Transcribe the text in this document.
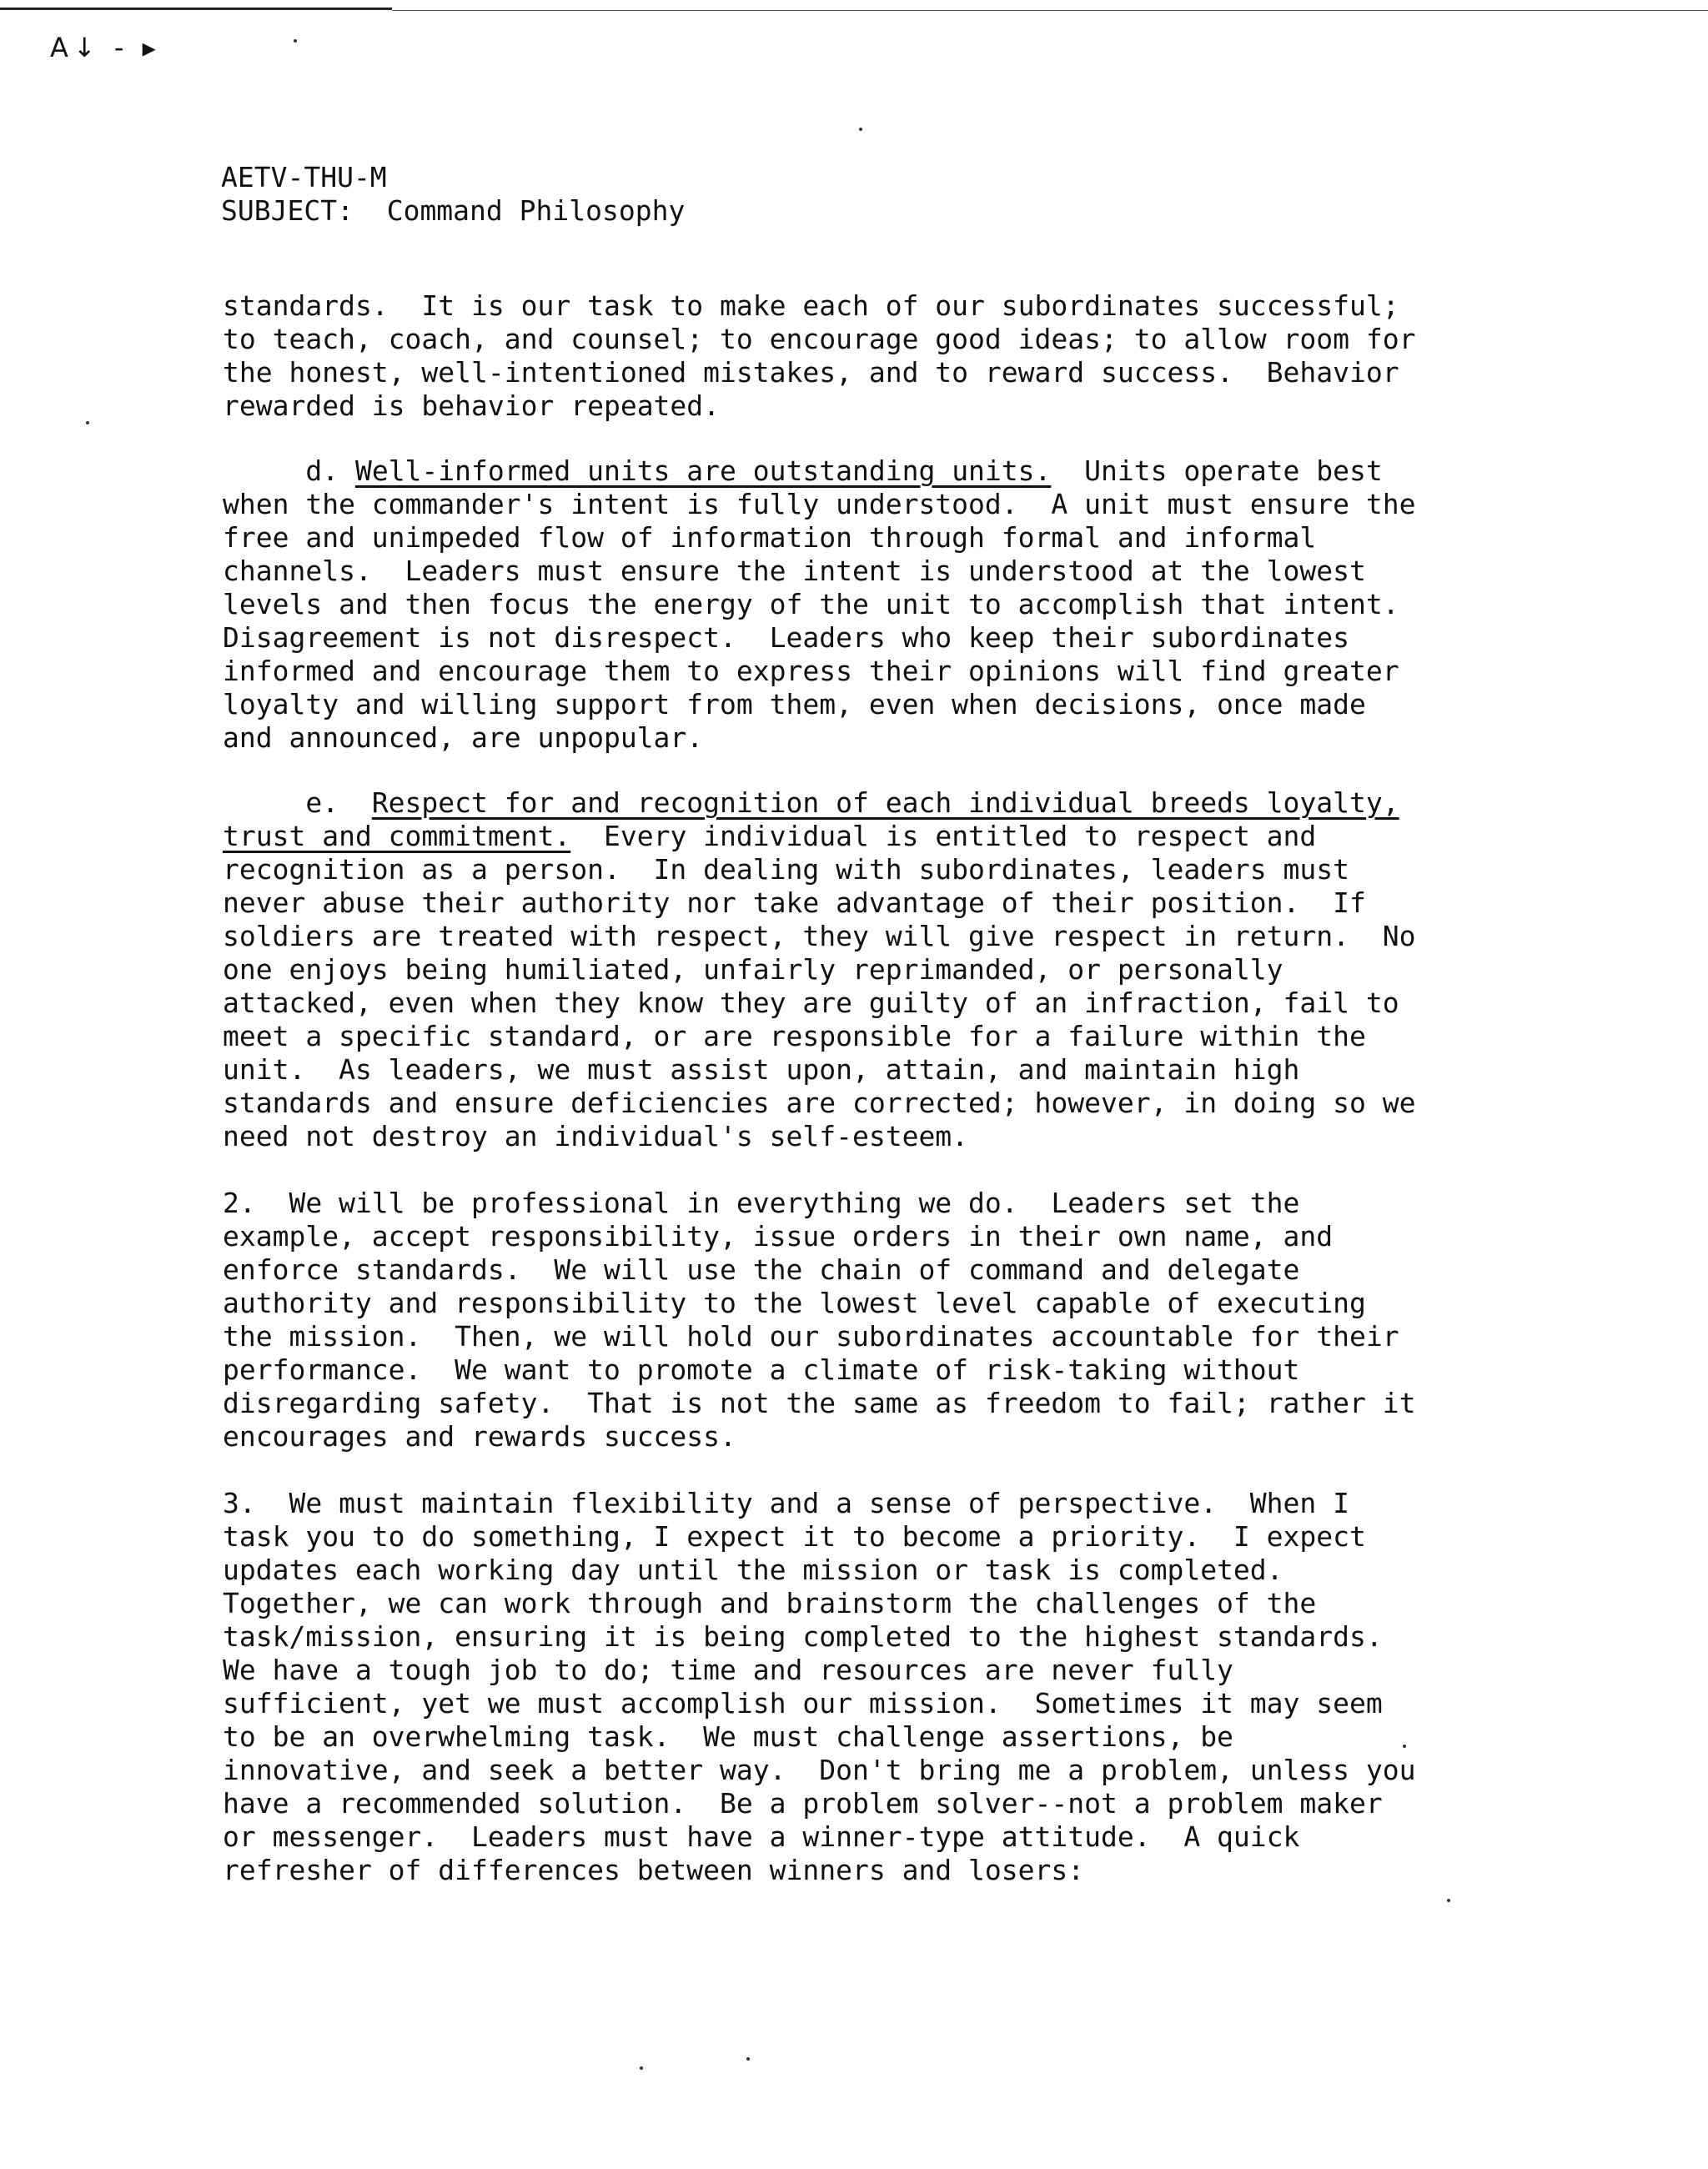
A↓ - ▸
AETV-THU-M
SUBJECT: Command Philosophy

standards.  It is our task to make each of our subordinates successful;
to teach, coach, and counsel; to encourage good ideas; to allow room for
the honest, well-intentioned mistakes, and to reward success.  Behavior
rewarded is behavior repeated.

d. Well-informed units are outstanding units.  Units operate best
when the commander's intent is fully understood.  A unit must ensure the
free and unimpeded flow of information through formal and informal
channels.  Leaders must ensure the intent is understood at the lowest
levels and then focus the energy of the unit to accomplish that intent.
Disagreement is not disrespect.  Leaders who keep their subordinates
informed and encourage them to express their opinions will find greater
loyalty and willing support from them, even when decisions, once made
and announced, are unpopular.

e.  Respect for and recognition of each individual breeds loyalty,
trust and commitment.  Every individual is entitled to respect and
recognition as a person.  In dealing with subordinates, leaders must
never abuse their authority nor take advantage of their position.  If
soldiers are treated with respect, they will give respect in return.  No
one enjoys being humiliated, unfairly reprimanded, or personally
attacked, even when they know they are guilty of an infraction, fail to
meet a specific standard, or are responsible for a failure within the
unit.  As leaders, we must assist upon, attain, and maintain high
standards and ensure deficiencies are corrected; however, in doing so we
need not destroy an individual's self-esteem.

2.  We will be professional in everything we do.  Leaders set the
example, accept responsibility, issue orders in their own name, and
enforce standards.  We will use the chain of command and delegate
authority and responsibility to the lowest level capable of executing
the mission.  Then, we will hold our subordinates accountable for their
performance.  We want to promote a climate of risk-taking without
disregarding safety.  That is not the same as freedom to fail; rather it
encourages and rewards success.

3.  We must maintain flexibility and a sense of perspective.  When I
task you to do something, I expect it to become a priority.  I expect
updates each working day until the mission or task is completed.
Together, we can work through and brainstorm the challenges of the
task/mission, ensuring it is being completed to the highest standards.
We have a tough job to do; time and resources are never fully
sufficient, yet we must accomplish our mission.  Sometimes it may seem
to be an overwhelming task.  We must challenge assertions, be
innovative, and seek a better way.  Don't bring me a problem, unless you
have a recommended solution.  Be a problem solver--not a problem maker
or messenger.  Leaders must have a winner-type attitude.  A quick
refresher of differences between winners and losers:
